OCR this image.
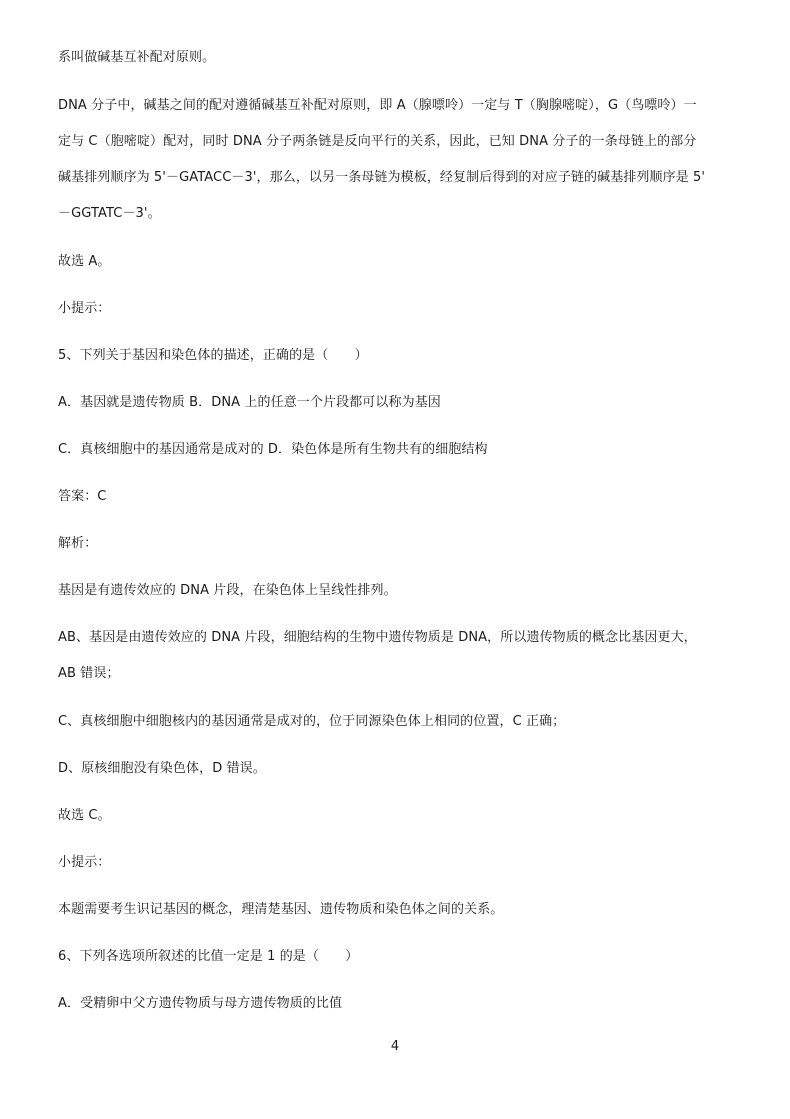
系叫做碱基互补配对原则。
DNA 分子中，碱基之间的配对遵循碱基互补配对原则，即 A（腺嘌呤）一定与 T（胸腺嘧啶），G（鸟嘌呤）一
定与 C（胞嘧啶）配对，同时 DNA 分子两条链是反向平行的关系，因此，已知 DNA 分子的一条母链上的部分
碱基排列顺序为 5'－GATACC－3'，那么，以另一条母链为模板，经复制后得到的对应子链的碱基排列顺序是 5'
－GGTATC－3'。
故选 A。
小提示：
5、下列关于基因和染色体的描述，正确的是（　　）
A．基因就是遗传物质 B．DNA 上的任意一个片段都可以称为基因
C．真核细胞中的基因通常是成对的 D．染色体是所有生物共有的细胞结构
答案：C
解析：
基因是有遗传效应的 DNA 片段，在染色体上呈线性排列。
AB、基因是由遗传效应的 DNA 片段，细胞结构的生物中遗传物质是 DNA，所以遗传物质的概念比基因更大，
AB 错误；
C、真核细胞中细胞核内的基因通常是成对的，位于同源染色体上相同的位置，C 正确；
D、原核细胞没有染色体，D 错误。
故选 C。
小提示：
本题需要考生识记基因的概念，理清楚基因、遗传物质和染色体之间的关系。
6、下列各选项所叙述的比值一定是 1 的是（　　）
A．受精卵中父方遗传物质与母方遗传物质的比值
4
